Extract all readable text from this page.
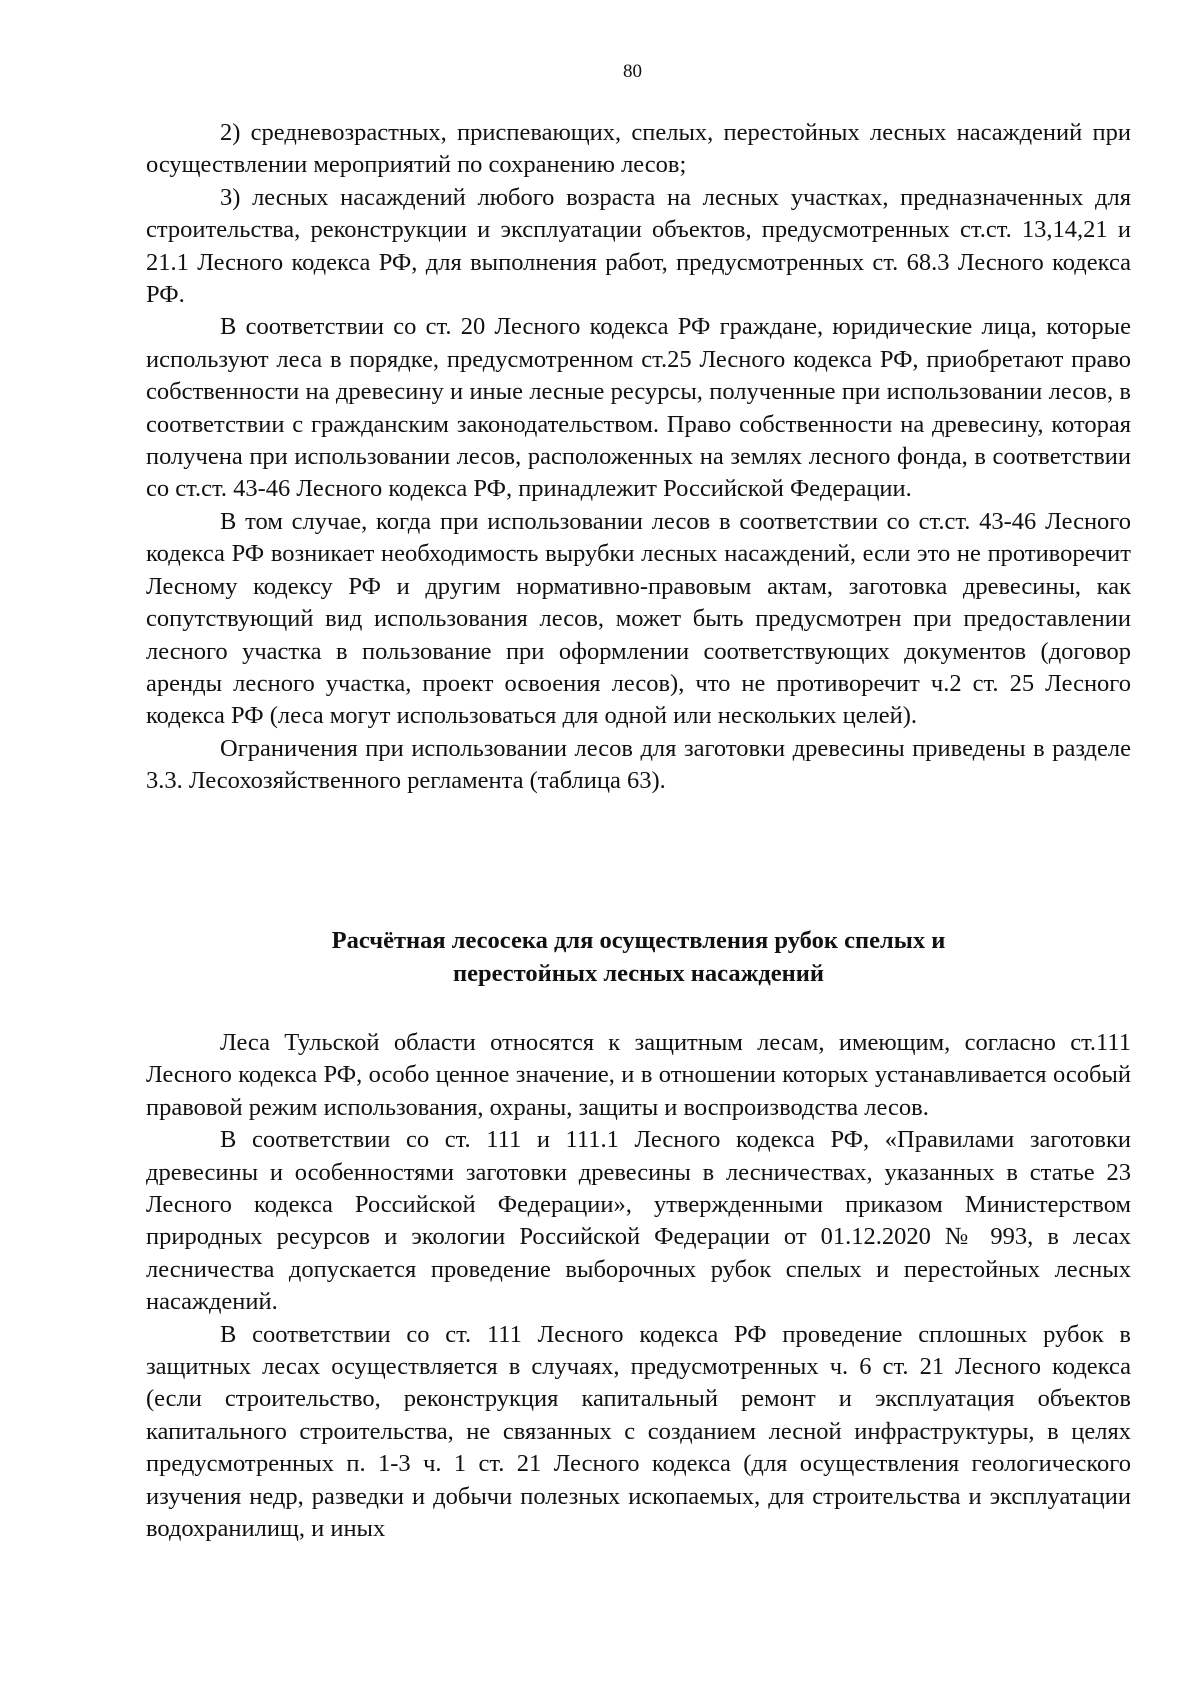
80

2) средневозрастных, приспевающих, спелых, перестойных лесных насаждений при осуществлении мероприятий по сохранению лесов;

3) лесных насаждений любого возраста на лесных участках, предназначенных для строительства, реконструкции и эксплуатации объектов, предусмотренных ст.ст. 13,14,21 и 21.1 Лесного кодекса РФ, для выполнения работ, предусмотренных ст. 68.3 Лесного кодекса РФ.

В соответствии со ст. 20 Лесного кодекса РФ граждане, юридические лица, которые используют леса в порядке, предусмотренном ст.25 Лесного кодекса РФ, приобретают право собственности на древесину и иные лесные ресурсы, полученные при использовании лесов, в соответствии с гражданским законодательством. Право собственности на древесину, которая получена при использовании лесов, расположенных на землях лесного фонда, в соответствии со ст.ст. 43-46 Лесного кодекса РФ, принадлежит Российской Федерации.

В том случае, когда при использовании лесов в соответствии со ст.ст. 43-46 Лесного кодекса РФ возникает необходимость вырубки лесных насаждений, если это не противоречит Лесному кодексу РФ и другим нормативно-правовым актам, заготовка древесины, как сопутствующий вид использования лесов, может быть предусмотрен при предоставлении лесного участка в пользование при оформлении соответствующих документов (договор аренды лесного участка, проект освоения лесов), что не противоречит ч.2 ст. 25 Лесного кодекса РФ (леса могут использоваться для одной или нескольких целей).

Ограничения при использовании лесов для заготовки древесины приведены в разделе 3.3. Лесохозяйственного регламента (таблица 63).

Расчётная лесосека для осуществления рубок спелых и
перестойных лесных насаждений

Леса Тульской области относятся к защитным лесам, имеющим, согласно ст.111 Лесного кодекса РФ, особо ценное значение, и в отношении которых устанавливается особый правовой режим использования, охраны, защиты и воспроизводства лесов.

В соответствии со ст. 111 и 111.1 Лесного кодекса РФ, «Правилами заготовки древесины и особенностями заготовки древесины в лесничествах, указанных в статье 23 Лесного кодекса Российской Федерации», утвержденными приказом Министерством природных ресурсов и экологии Российской Федерации от 01.12.2020 № 993, в лесах лесничества допускается проведение выборочных рубок спелых и перестойных лесных насаждений.

В соответствии со ст. 111 Лесного кодекса РФ проведение сплошных рубок в защитных лесах осуществляется в случаях, предусмотренных ч. 6 ст. 21 Лесного кодекса (если строительство, реконструкция капитальный ремонт и эксплуатация объектов капитального строительства, не связанных с созданием лесной инфраструктуры, в целях предусмотренных п. 1-3 ч. 1 ст. 21 Лесного кодекса (для осуществления геологического изучения недр, разведки и добычи полезных ископаемых, для строительства и эксплуатации водохранилищ, и иных
